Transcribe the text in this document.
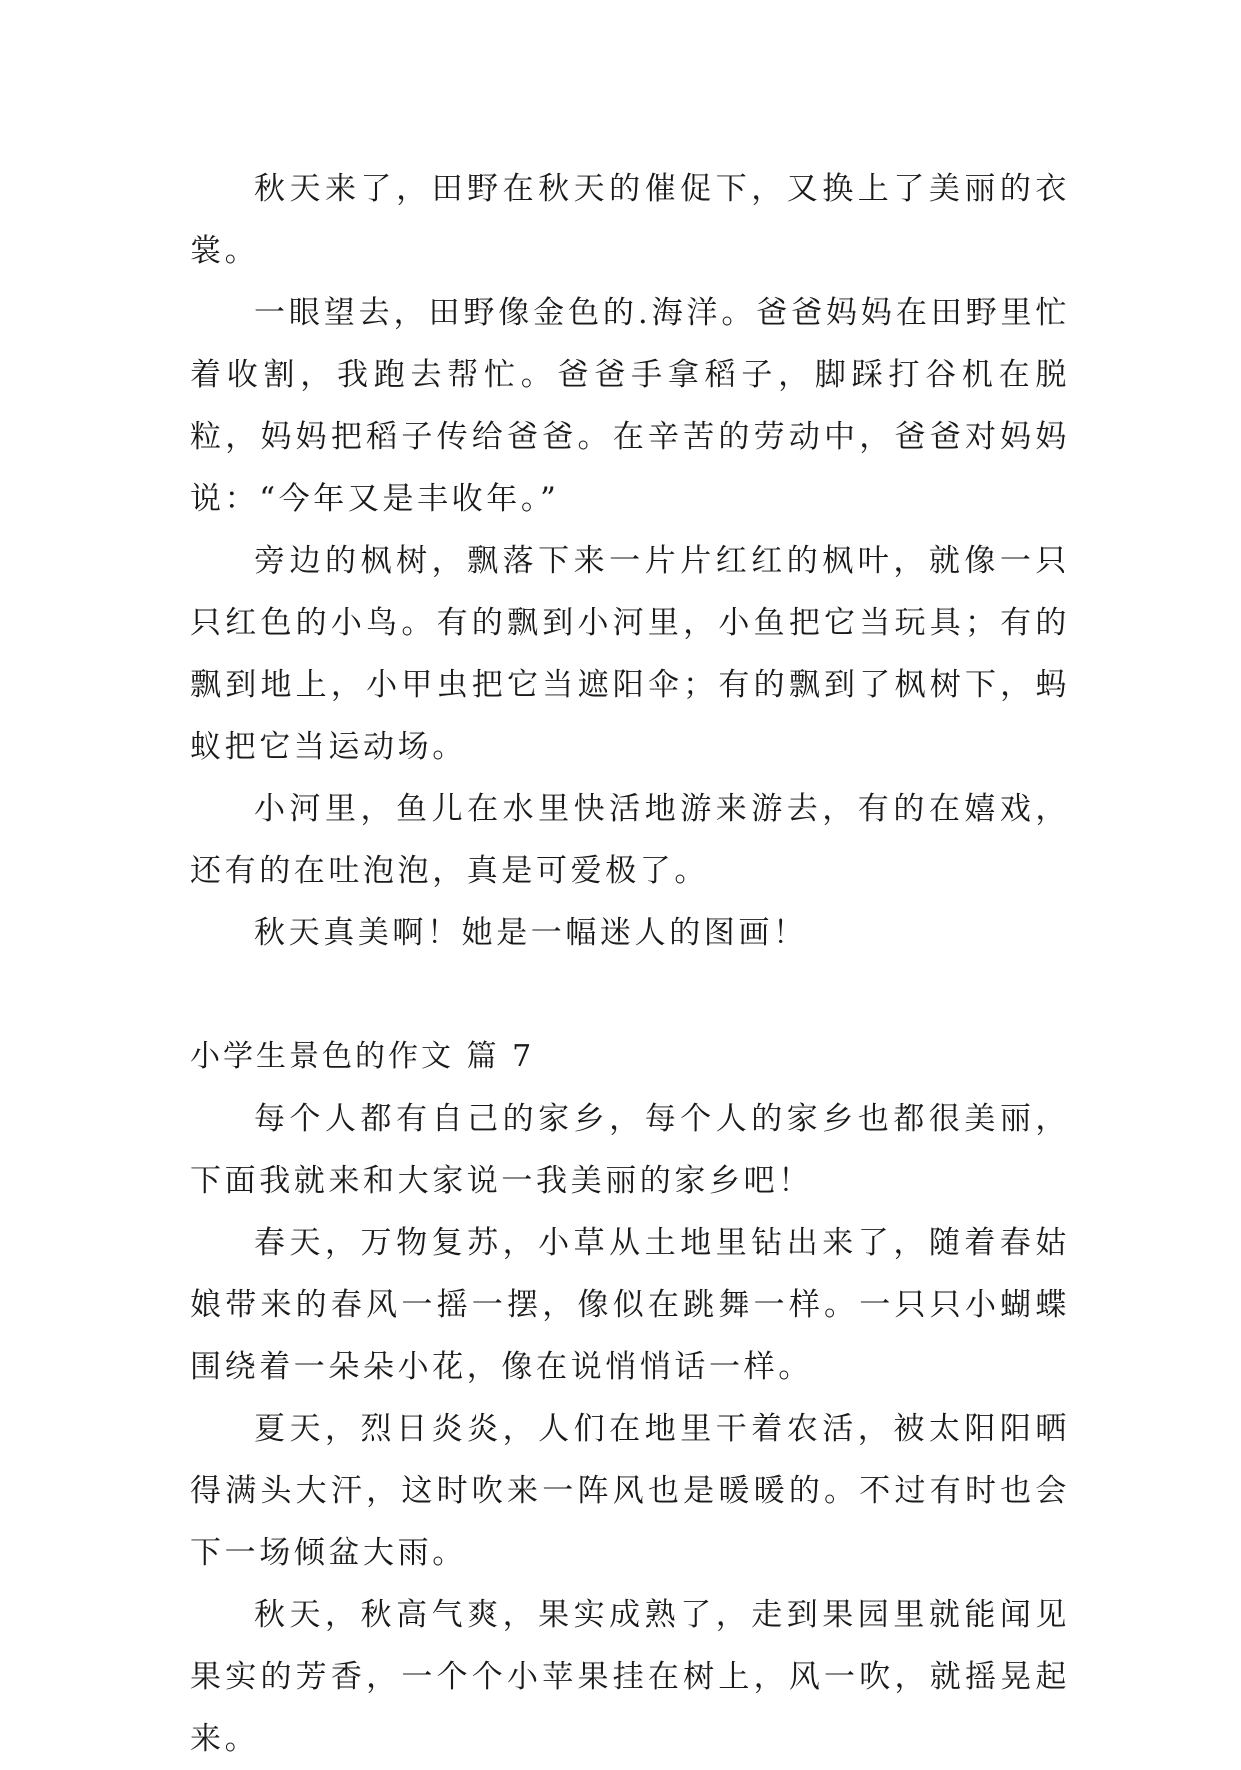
秋天来了，田野在秋天的催促下，又换上了美丽的衣裳。

一眼望去，田野像金色的.海洋。爸爸妈妈在田野里忙着收割，我跑去帮忙。爸爸手拿稻子，脚踩打谷机在脱粒，妈妈把稻子传给爸爸。在辛苦的劳动中，爸爸对妈妈说：“今年又是丰收年。”

旁边的枫树，飘落下来一片片红红的枫叶，就像一只只红色的小鸟。有的飘到小河里，小鱼把它当玩具；有的飘到地上，小甲虫把它当遮阳伞；有的飘到了枫树下，蚂蚁把它当运动场。

小河里，鱼儿在水里快活地游来游去，有的在嬉戏，还有的在吐泡泡，真是可爱极了。

秋天真美啊！她是一幅迷人的图画！

小学生景色的作文 篇 7

每个人都有自己的家乡，每个人的家乡也都很美丽，下面我就来和大家说一我美丽的家乡吧！

春天，万物复苏，小草从土地里钻出来了，随着春姑娘带来的春风一摇一摆，像似在跳舞一样。一只只小蝴蝶围绕着一朵朵小花，像在说悄悄话一样。

夏天，烈日炎炎，人们在地里干着农活，被太阳阳晒得满头大汗，这时吹来一阵风也是暖暖的。不过有时也会下一场倾盆大雨。

秋天，秋高气爽，果实成熟了，走到果园里就能闻见果实的芳香，一个个小苹果挂在树上，风一吹，就摇晃起来。
